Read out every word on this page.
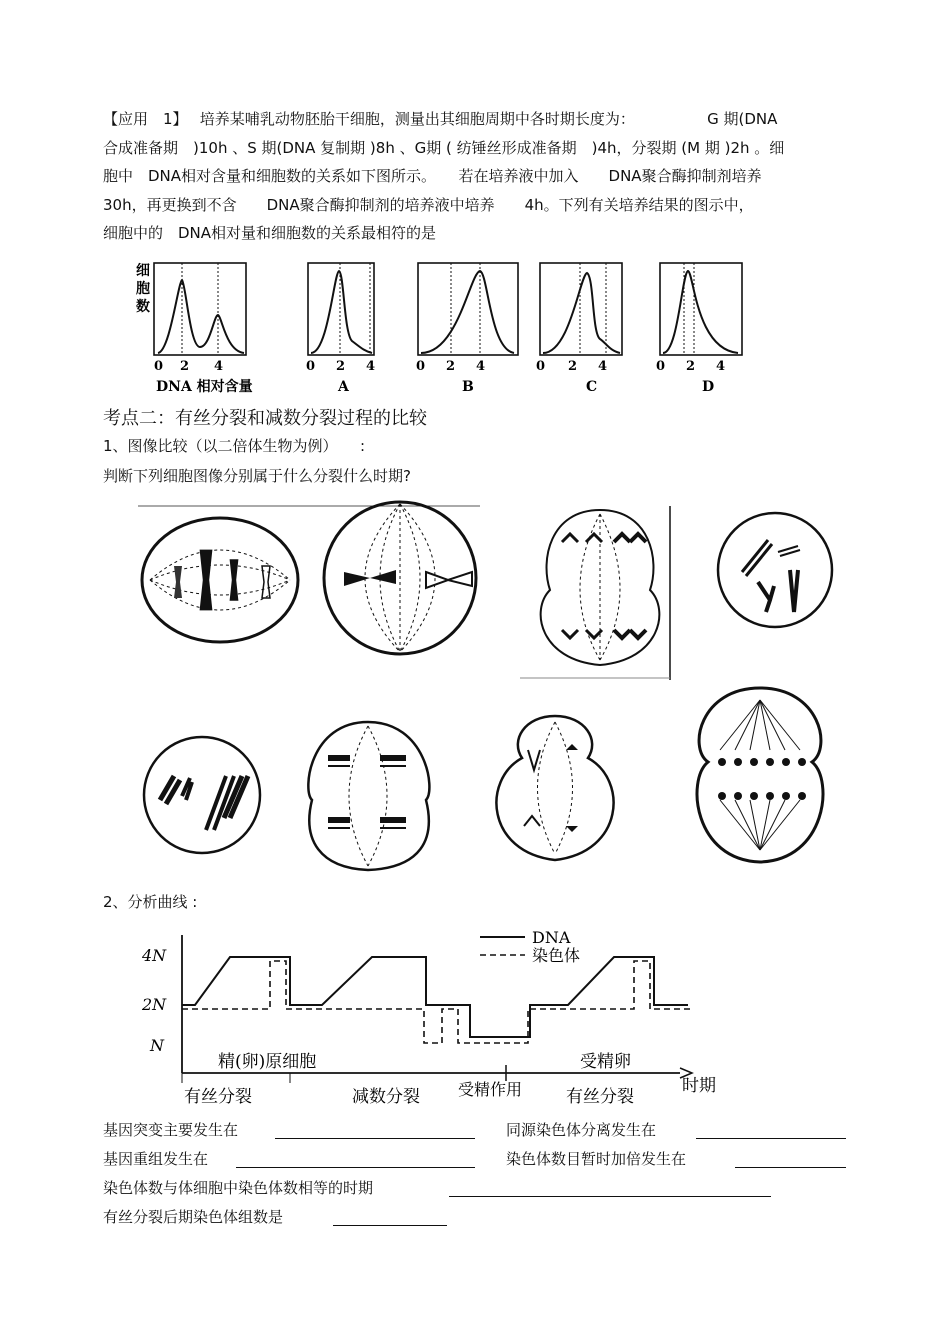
【应用　1】　 培养某哺乳动物胚胎干细胞，测量出其细胞周期中各时期长度为：　　　　　 G 期(DNA
合成准备期　)10h 、S 期(DNA 复制期 )8h 、G期 ( 纺锤丝形成准备期　)4h，分裂期 (M 期 )2h 。细
胞中　DNA相对含量和细胞数的关系如下图所示。　　若在培养液中加入　　DNA聚合酶抑制剂培养
30h，再更换到不含　　DNA聚合酶抑制剂的培养液中培养　　4h。下列有关培养结果的图示中，
细胞中的　DNA相对量和细胞数的关系最相符的是
细
胞
数
0 2 4
DNA 相对含量
0 2 4
A
0 2 4
B
0 2 4
C
0 2 4
D
考点二：有丝分裂和减数分裂过程的比较
1、图像比较（以二倍体生物为例）　　:
判断下列细胞图像分别属于什么分裂什么时期?
2、分析曲线 :
4N
2N
N
DNA
染色体
精(卵)原细胞	受精卵
有丝分裂	减数分裂 受精作用	有丝分裂
时期
基因突变主要发生在	同源染色体分离发生在
基因重组发生在	染色体数目暂时加倍发生在
染色体数与体细胞中染色体数相等的时期
有丝分裂后期染色体组数是
